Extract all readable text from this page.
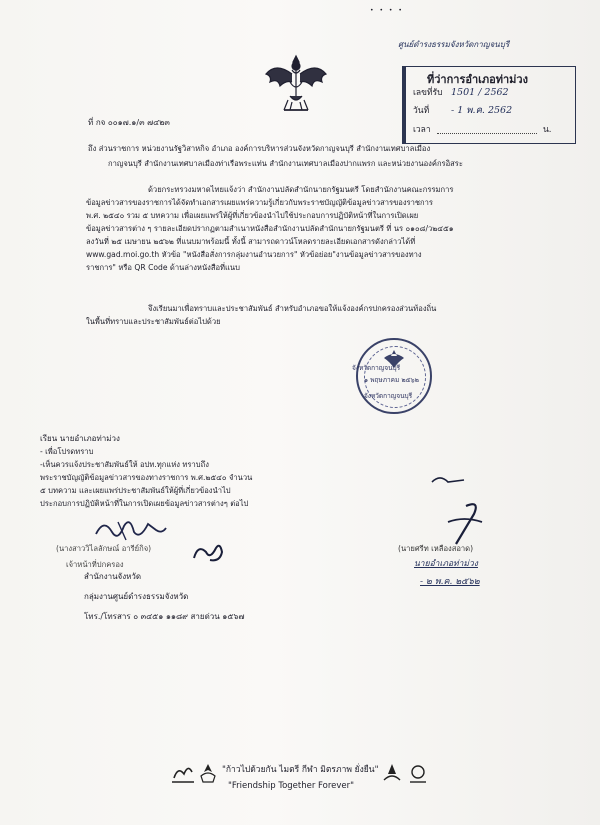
• • • •
ศูนย์ดำรงธรรมจังหวัดกาญจนบุรี
ที่ว่าการอำเภอท่าม่วง
เลขที่รับ 1501 / 2562
วันที่ - 1 พ.ค. 2562
เวลา	น.
ที่ กจ ๐๐๑๗.๑/๓ ๗๔๒๓
ถึง ส่วนราชการ หน่วยงานรัฐวิสาหกิจ อำเภอ องค์การบริหารส่วนจังหวัดกาญจนบุรี สำนักงานเทศบาลเมือง
กาญจนบุรี สำนักงานเทศบาลเมืองท่าเรือพระแท่น สำนักงานเทศบาลเมืองปากแพรก และหน่วยงานองค์กรอิสระ
ด้วยกระทรวงมหาดไทยแจ้งว่า สำนักงานปลัดสำนักนายกรัฐมนตรี โดยสำนักงานคณะกรรมการ
ข้อมูลข่าวสารของราชการได้จัดทำเอกสารเผยแพร่ความรู้เกี่ยวกับพระราชบัญญัติข้อมูลข่าวสารของราชการ
พ.ศ. ๒๕๔๐ รวม ๕ บทความ เพื่อเผยแพร่ให้ผู้ที่เกี่ยวข้องนำไปใช้ประกอบการปฏิบัติหน้าที่ในการเปิดเผย
ข้อมูลข่าวสารต่าง ๆ รายละเอียดปรากฏตามสำเนาหนังสือสำนักงานปลัดสำนักนายกรัฐมนตรี ที่ นร ๐๑๐๘/ว๒๔๕๑
ลงวันที่ ๒๕ เมษายน ๒๕๖๒ ที่แนบมาพร้อมนี้ ทั้งนี้ สามารถดาวน์โหลดรายละเอียดเอกสารดังกล่าวได้ที่
www.gad.moi.go.th หัวข้อ "หนังสือสั่งการกลุ่มงานอำนวยการ" หัวข้อย่อย"งานข้อมูลข่าวสารของทาง
ราชการ" หรือ QR Code ด้านล่างหนังสือที่แนบ
จึงเรียนมาเพื่อทราบและประชาสัมพันธ์ สำหรับอำเภอขอให้แจ้งองค์กรปกครองส่วนท้องถิ่น
ในพื้นที่ทราบและประชาสัมพันธ์ต่อไปด้วย
จังหวัดกาญจนบุรี
๑ พฤษภาคม ๒๕๖๒
จังหวัดกาญจนบุรี
เรียน นายอำเภอท่าม่วง
- เพื่อโปรดทราบ
-เห็นควรแจ้งประชาสัมพันธ์ให้ อปท.ทุกแห่ง ทราบถึง
พระราชบัญญัติข้อมูลข่าวสารของทางราชการ พ.ศ.๒๕๔๐ จำนวน
๕ บทความ และเผยแพร่ประชาสัมพันธ์ให้ผู้ที่เกี่ยวข้องนำไป
ประกอบการปฏิบัติหน้าที่ในการเปิดเผยข้อมูลข่าวสารต่างๆ ต่อไป
(นางสาววิไลลักษณ์ อารีย์กิจ)
เจ้าหน้าที่ปกครอง
สำนักงานจังหวัด
กลุ่มงานศูนย์ดำรงธรรมจังหวัด
โทร./โทรสาร ๐ ๓๔๕๑ ๑๑๘๙ สายด่วน ๑๕๖๗
(นายศรีท เหลืองสอาด)
นายอำเภอท่าม่วง
- ๒ พ.ค. ๒๕๖๒
"ก้าวไปด้วยกัน ไมตรี กีฬา มิตรภาพ ยั่งยืน"
"Friendship Together Forever"
